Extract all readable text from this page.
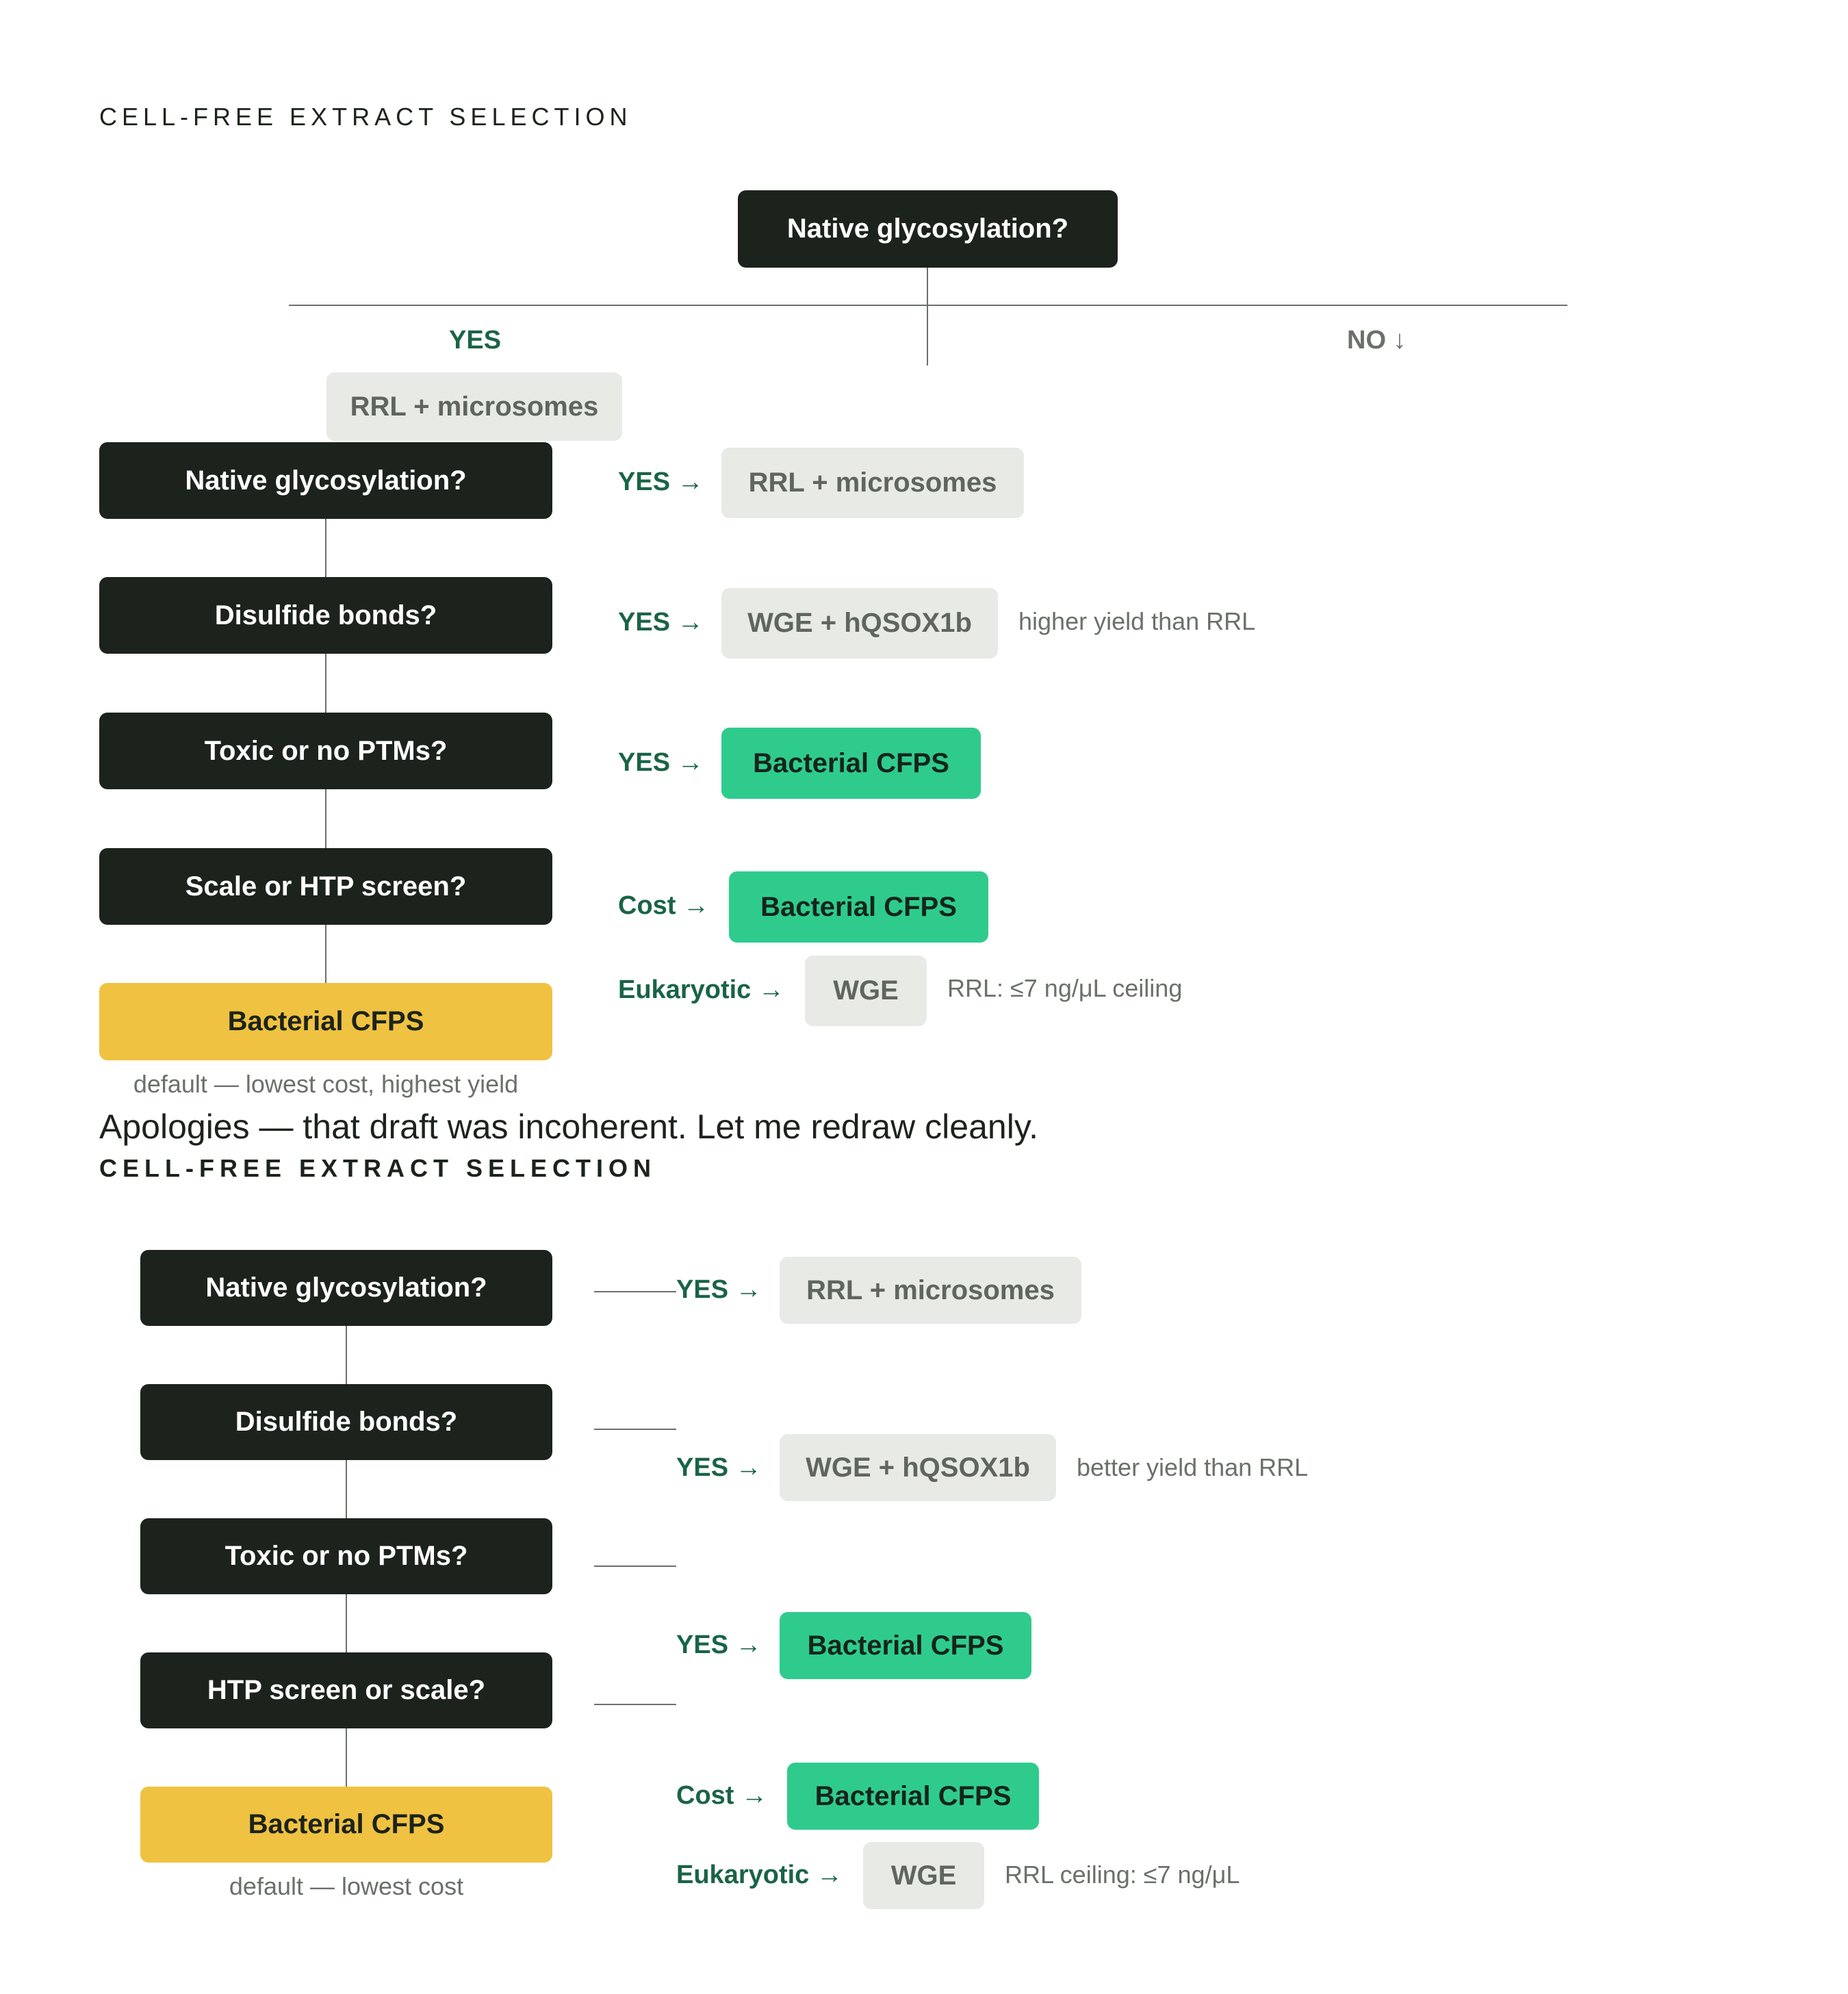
CELL-FREE EXTRACT SELECTION
Native glycosylation?
YES	NO ↓
RRL + microsomes
Native glycosylation?
Disulfide bonds?
Toxic or no PTMs?
Scale or HTP screen?
Bacterial CFPS
default — lowest cost, highest yield
YES →	RRL + microsomes
YES →	WGE + hQSOX1b	higher yield than RRL
YES →	Bacterial CFPS
Cost →	Bacterial CFPS
Eukaryotic →	WGE	RRL: ≤7 ng/μL ceiling
Apologies — that draft was incoherent. Let me redraw cleanly.
CELL-FREE EXTRACT SELECTION
Native glycosylation?
Disulfide bonds?
Toxic or no PTMs?
HTP screen or scale?
Bacterial CFPS
default — lowest cost
YES →	RRL + microsomes
YES →	WGE + hQSOX1b	better yield than RRL
YES →	Bacterial CFPS
Cost →	Bacterial CFPS
Eukaryotic →	WGE	RRL ceiling: ≤7 ng/μL
